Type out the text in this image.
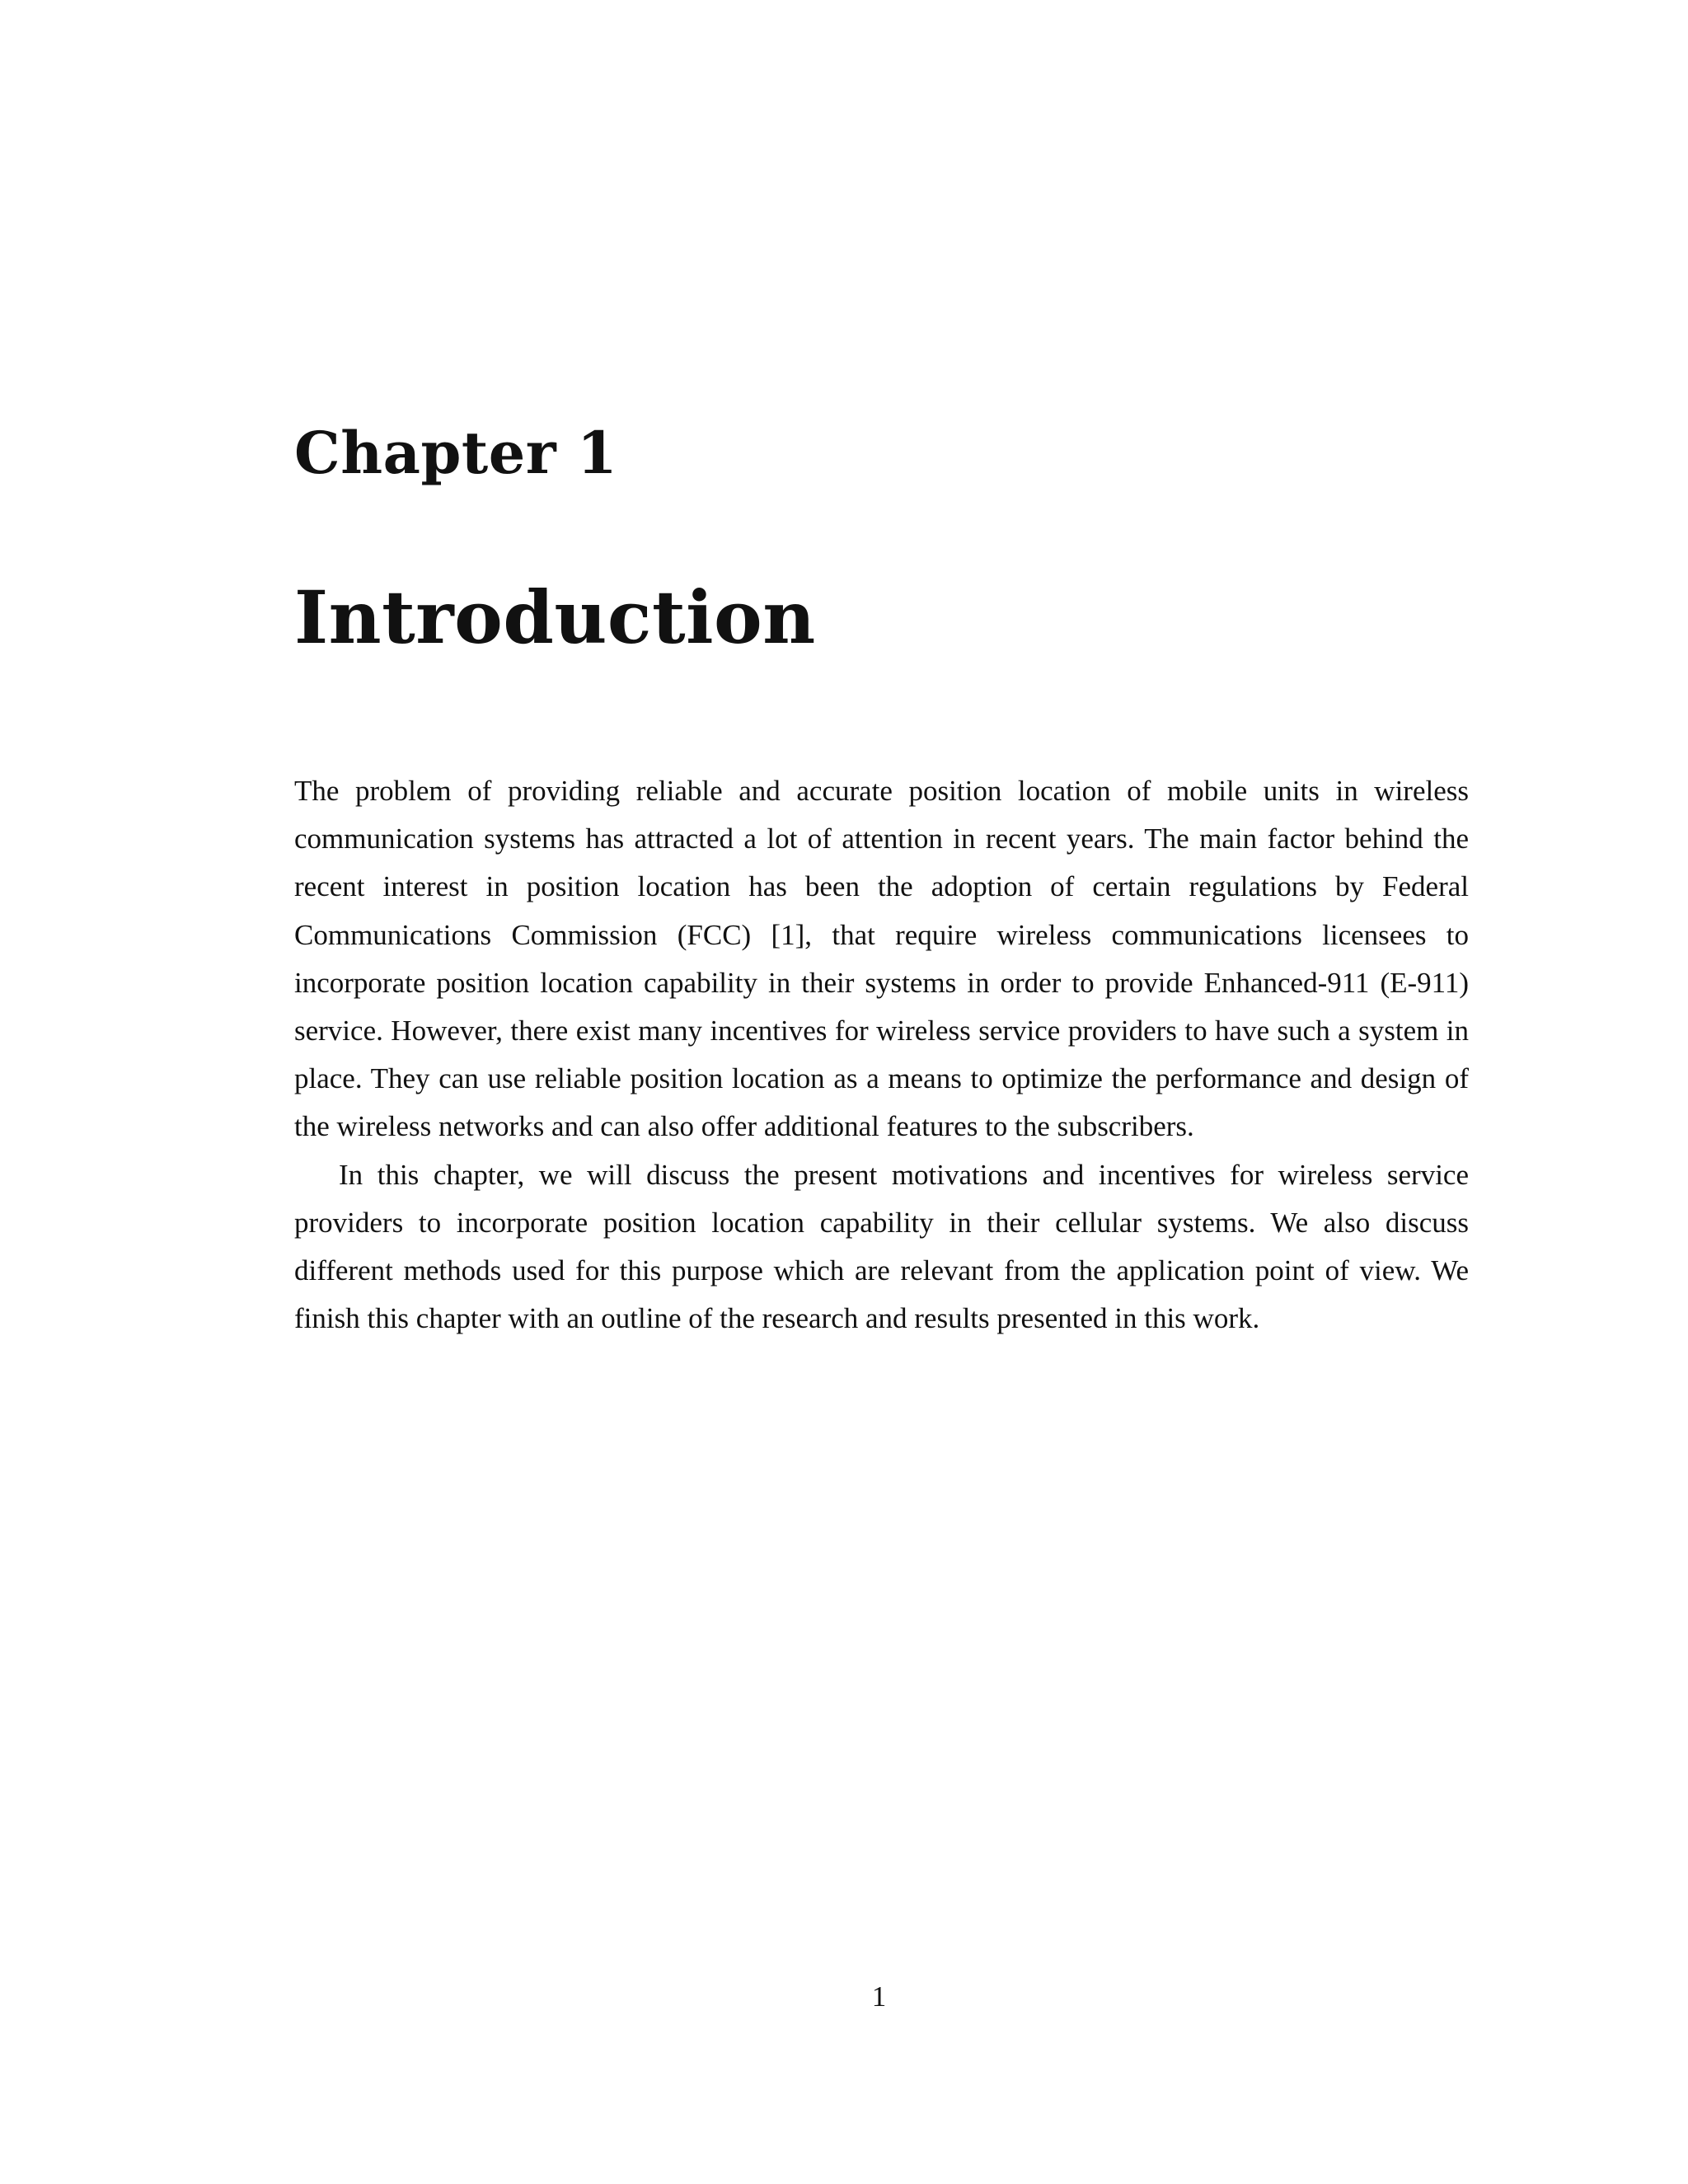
Chapter 1
Introduction

The problem of providing reliable and accurate position location of mobile units in wireless communication systems has attracted a lot of attention in recent years. The main factor behind the recent interest in position location has been the adoption of certain regulations by Federal Communications Commission (FCC) [1], that require wireless communications licensees to incorporate position location capability in their systems in order to provide Enhanced-911 (E-911) service. However, there exist many incentives for wireless service providers to have such a system in place. They can use reliable position location as a means to optimize the performance and design of the wireless networks and can also offer additional features to the subscribers.

In this chapter, we will discuss the present motivations and incentives for wireless service providers to incorporate position location capability in their cellular systems. We also discuss different methods used for this purpose which are relevant from the application point of view. We finish this chapter with an outline of the research and results presented in this work.

1
